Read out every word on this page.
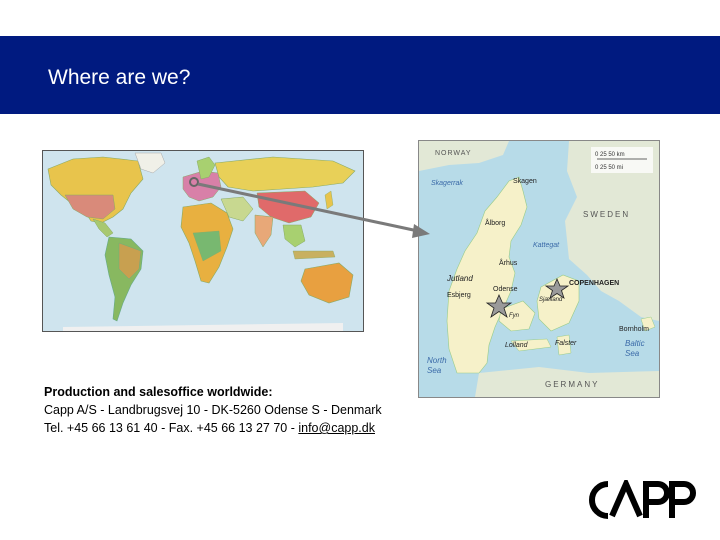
Where are we?
0 25 50 km
0 25 50 mi
NORWAY
Skagerrak	Skagen
Ålborg
SWEDEN
Kattegat
Århus
Jutland
Odense
COPENHAGEN
Esbjerg
Sjælland
Fyn
Bornholm
Baltic
Sea
Lolland	Falster
North
Sea
GERMANY
Production and salesoffice worldwide:
Capp A/S - Landbrugsvej 10 - DK-5260 Odense S - Denmark
Tel. +45 66 13 61 40 - Fax. +45 66 13 27 70 - info@capp.dk
